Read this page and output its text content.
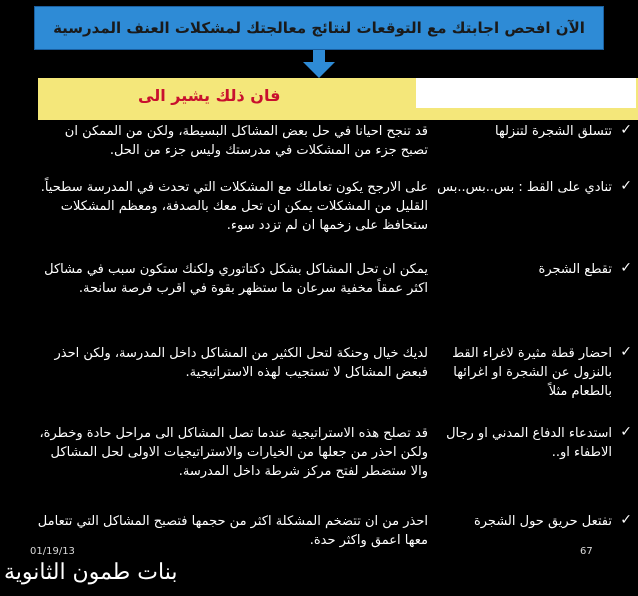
الآن افحص اجابتك مع التوقعات لنتائج معالجتك لمشكلات العنف المدرسية
فان ذلك يشير الى
✓
تتسلق الشجرة لتنزلها
قد تنجح احيانا في حل بعض المشاكل البسيطة، ولكن من الممكن ان تصبح جزء من المشكلات في مدرستك وليس جزء من الحل.
✓
تنادي على القط : بس..بس..بس
على الارجح يكون تعاملك مع المشكلات التي تحدث في المدرسة سطحياً. القليل من المشكلات يمكن ان تحل معك بالصدفة، ومعظم المشكلات ستحافظ على زخمها ان لم تزدد سوء.
✓
تقطع الشجرة
يمكن ان تحل المشاكل بشكل دكتاتوري ولكنك ستكون سبب في مشاكل اكثر عمقاً مخفية سرعان ما ستظهر بقوة في اقرب فرصة سانحة.
✓
احضار قطة مثيرة لاغراء القط بالنزول عن الشجرة او اغرائها بالطعام مثلاً
لديك خيال وحنكة لتحل الكثير من المشاكل داخل المدرسة، ولكن احذر فبعض المشاكل لا تستجيب لهذه الاستراتيجية.
✓
استدعاء الدفاع المدني او رجال الاطفاء او..
قد تصلح هذه الاستراتيجية عندما تصل المشاكل الى مراحل حادة وخطرة، ولكن احذر من جعلها من الخيارات والاستراتيجيات الاولى لحل المشاكل والا ستضطر لفتح مركز شرطة داخل المدرسة.
✓
تفتعل حريق حول الشجرة
احذر من ان تتضخم المشكلة اكثر من حجمها فتصبح المشاكل التي تتعامل معها اعمق واكثر حدة.
01/19/13	67
بنات طمون الثانوية
